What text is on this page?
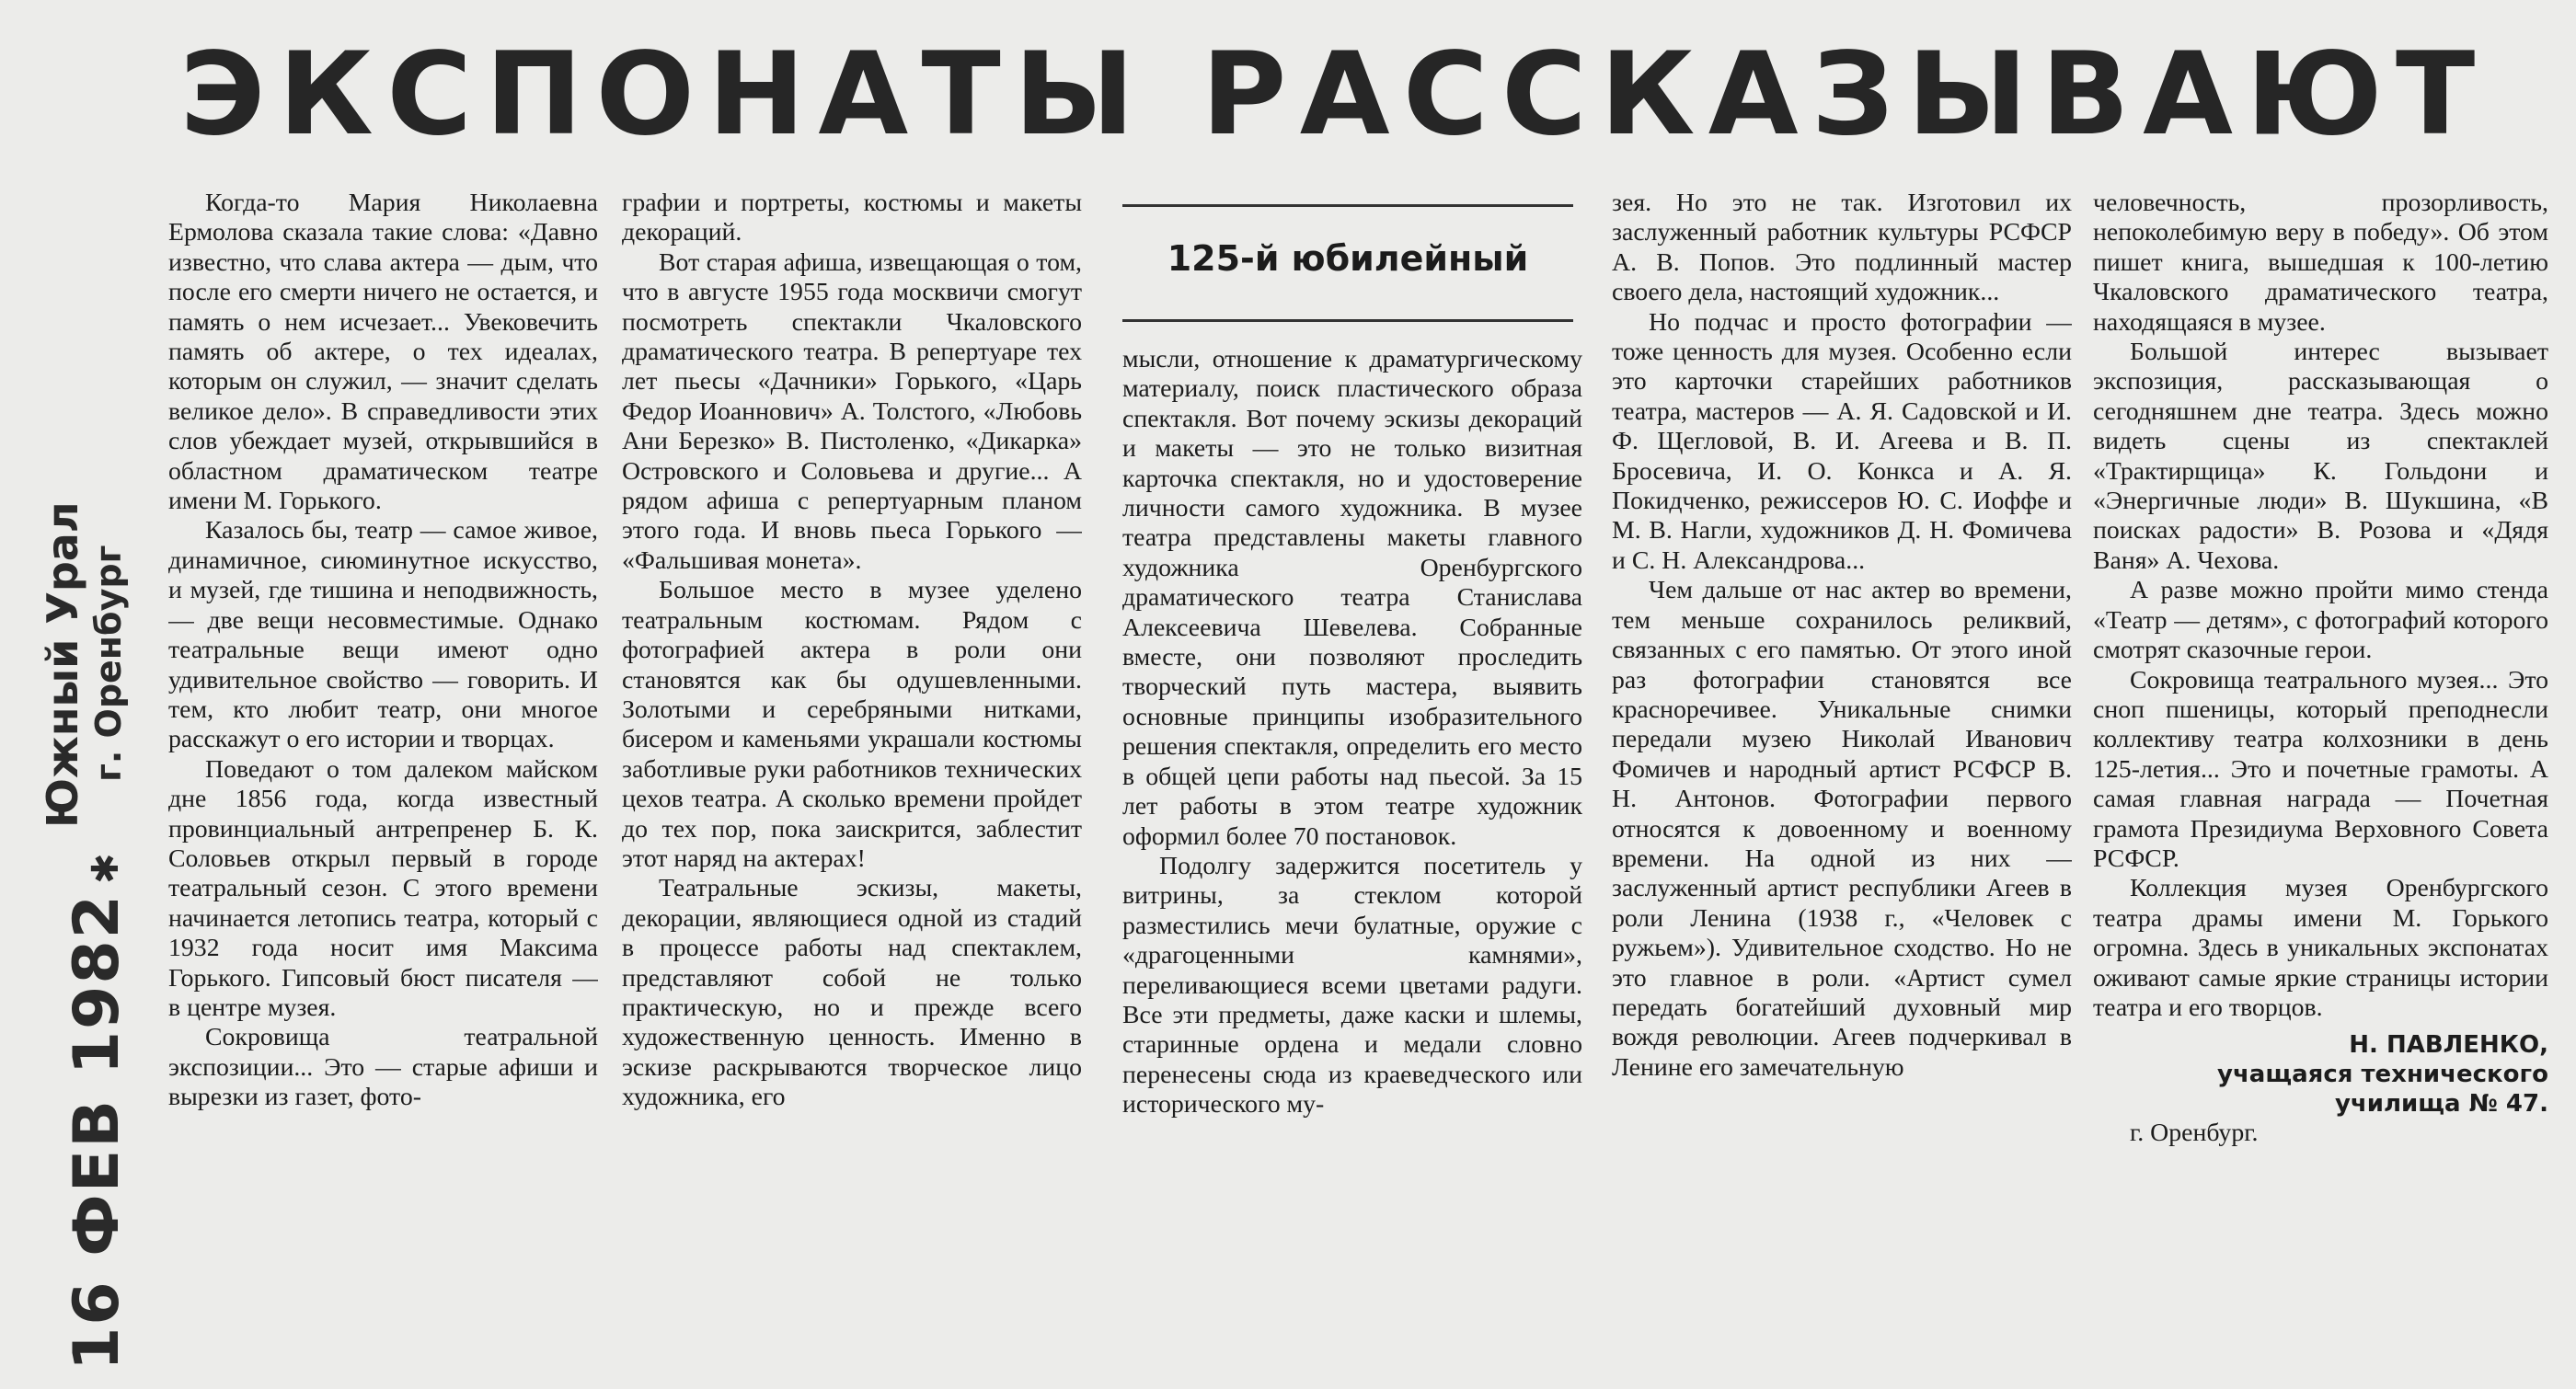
ЭКСПОНАТЫ РАССКАЗЫВАЮТ
16 ФЕВ 1982✱
Южный Урал г. Оренбург

Когда-то Мария Николаевна Ермолова сказала такие слова: «Давно известно, что слава актера — дым, что после его смерти ничего не остается, и память о нем исчезает... Увековечить память об актере, о тех идеалах, которым он служил, — значит сделать великое дело». В справедливости этих слов убеждает музей, открывшийся в областном драматическом театре имени М. Горького.

Казалось бы, театр — самое живое, динамичное, сиюминутное искусство, и музей, где тишина и неподвижность, — две вещи несовместимые. Однако театральные вещи имеют одно удивительное свойство — говорить. И тем, кто любит театр, они многое расскажут о его истории и творцах.

Поведают о том далеком майском дне 1856 года, когда известный провинциальный антрепренер Б. К. Соловьев открыл первый в городе театральный сезон. С этого времени начинается летопись театра, который с 1932 года носит имя Максима Горького. Гипсовый бюст писателя — в центре музея.

Сокровища театральной экспозиции... Это — старые афиши и вырезки из газет, фото-

графии и портреты, костюмы и макеты декораций.

Вот старая афиша, извещающая о том, что в августе 1955 года москвичи смогут посмотреть спектакли Чкаловского драматического театра. В репертуаре тех лет пьесы «Дачники» Горького, «Царь Федор Иоаннович» А. Толстого, «Любовь Ани Березко» В. Пистоленко, «Дикарка» Островского и Соловьева и другие... А рядом афиша с репертуарным планом этого года. И вновь пьеса Горького — «Фальшивая монета».

Большое место в музее уделено театральным костюмам. Рядом с фотографией актера в роли они становятся как бы одушевленными. Золотыми и серебряными нитками, бисером и каменьями украшали костюмы заботливые руки работников технических цехов театра. А сколько времени пройдет до тех пор, пока заискрится, заблестит этот наряд на актерах!

Театральные эскизы, макеты, декорации, являющиеся одной из стадий в процессе работы над спектаклем, представляют собой не только практическую, но и прежде всего художественную ценность. Именно в эскизе раскрываются творческое лицо художника, его

125-й юбилейный

мысли, отношение к драматургическому материалу, поиск пластического образа спектакля. Вот почему эскизы декораций и макеты — это не только визитная карточка спектакля, но и удостоверение личности самого художника. В музее театра представлены макеты главного художника Оренбургского драматического театра Станислава Алексеевича Шевелева. Собранные вместе, они позволяют проследить творческий путь мастера, выявить основные принципы изобразительного решения спектакля, определить его место в общей цепи работы над пьесой. За 15 лет работы в этом театре художник оформил более 70 постановок.

Подолгу задержится посетитель у витрины, за стеклом которой разместились мечи булатные, оружие с «драгоценными камнями», переливающиеся всеми цветами радуги. Все эти предметы, даже каски и шлемы, старинные ордена и медали словно перенесены сюда из краеведческого или исторического му-

зея. Но это не так. Изготовил их заслуженный работник культуры РСФСР А. В. Попов. Это подлинный мастер своего дела, настоящий художник...

Но подчас и просто фотографии — тоже ценность для музея. Особенно если это карточки старейших работников театра, мастеров — А. Я. Садовской и И. Ф. Щегловой, В. И. Агеева и В. П. Бросевича, И. О. Конкса и А. Я. Покидченко, режиссеров Ю. С. Иоффе и М. В. Нагли, художников Д. Н. Фомичева и С. Н. Александрова...

Чем дальше от нас актер во времени, тем меньше сохранилось реликвий, связанных с его памятью. От этого иной раз фотографии становятся все красноречивее. Уникальные снимки передали музею Николай Иванович Фомичев и народный артист РСФСР В. Н. Антонов. Фотографии первого относятся к довоенному и военному времени. На одной из них — заслуженный артист республики Агеев в роли Ленина (1938 г., «Человек с ружьем»). Удивительное сходство. Но не это главное в роли. «Артист сумел передать богатейший духовный мир вождя революции. Агеев подчеркивал в Ленине его замечательную

человечность, прозорливость, непоколебимую веру в победу». Об этом пишет книга, вышедшая к 100-летию Чкаловского драматического театра, находящаяся в музее.

Большой интерес вызывает экспозиция, рассказывающая о сегодняшнем дне театра. Здесь можно видеть сцены из спектаклей «Трактирщица» К. Гольдони и «Энергичные люди» В. Шукшина, «В поисках радости» В. Розова и «Дядя Ваня» А. Чехова.

А разве можно пройти мимо стенда «Театр — детям», с фотографий которого смотрят сказочные герои.

Сокровища театрального музея... Это сноп пшеницы, который преподнесли коллективу театра колхозники в день 125-летия... Это и почетные грамоты. А самая главная награда — Почетная грамота Президиума Верховного Совета РСФСР.

Коллекция музея Оренбургского театра драмы имени М. Горького огромна. Здесь в уникальных экспонатах оживают самые яркие страницы истории театра и его творцов.

Н. ПАВЛЕНКО,

учащаяся технического

училища № 47.

г. Оренбург.
